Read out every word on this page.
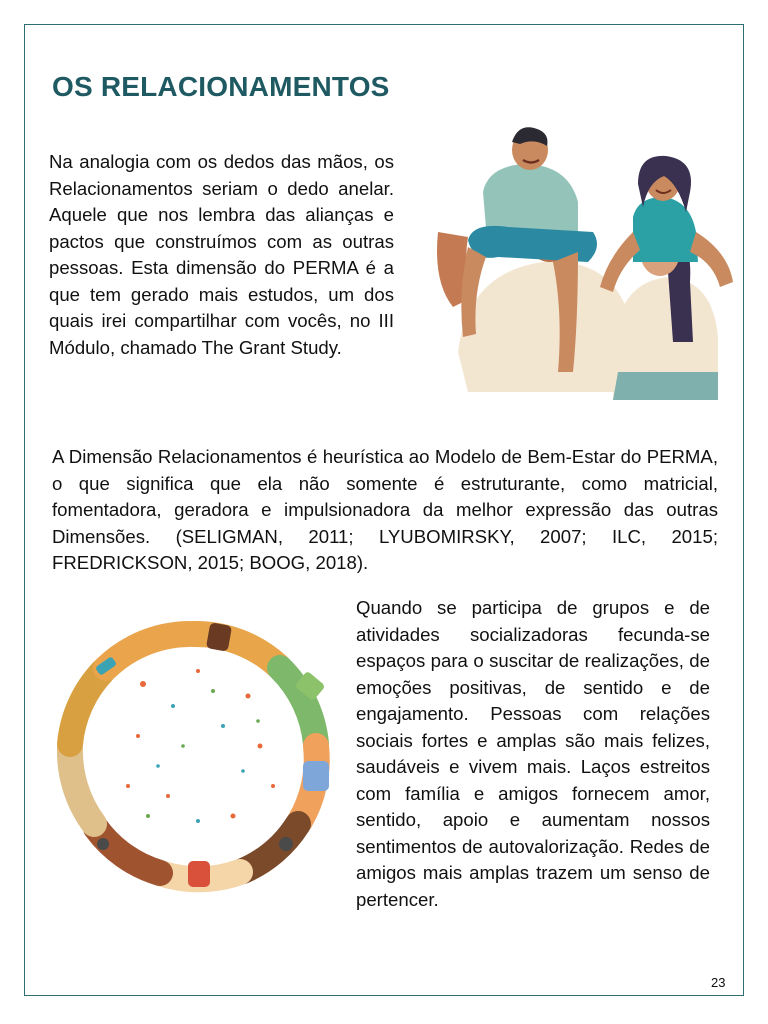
OS RELACIONAMENTOS

Na analogia com os dedos das mãos, os Relacionamentos seriam o dedo anelar. Aquele que nos lembra das alianças e pactos que construímos com as outras pessoas. Esta dimensão do PERMA é a que tem gerado mais estudos, um dos quais irei compartilhar com vocês, no III Módulo, chamado The Grant Study.

A Dimensão Relacionamentos é heurística ao Modelo de Bem-Estar do PERMA, o que significa que ela não somente é estruturante, como matricial, fomentadora, geradora e impulsionadora da melhor expressão das outras Dimensões. (SELIGMAN, 2011; LYUBOMIRSKY, 2007; ILC, 2015; FREDRICKSON, 2015; BOOG, 2018).

Quando se participa de grupos e de atividades socializadoras fecunda-se espaços para o suscitar de realizações, de emoções positivas, de sentido e de engajamento. Pessoas com relações sociais fortes e amplas são mais felizes, saudáveis e vivem mais. Laços estreitos com família e amigos fornecem amor, sentido, apoio e aumentam nossos sentimentos de autovalorização. Redes de amigos mais amplas trazem um senso de pertencer.

23
